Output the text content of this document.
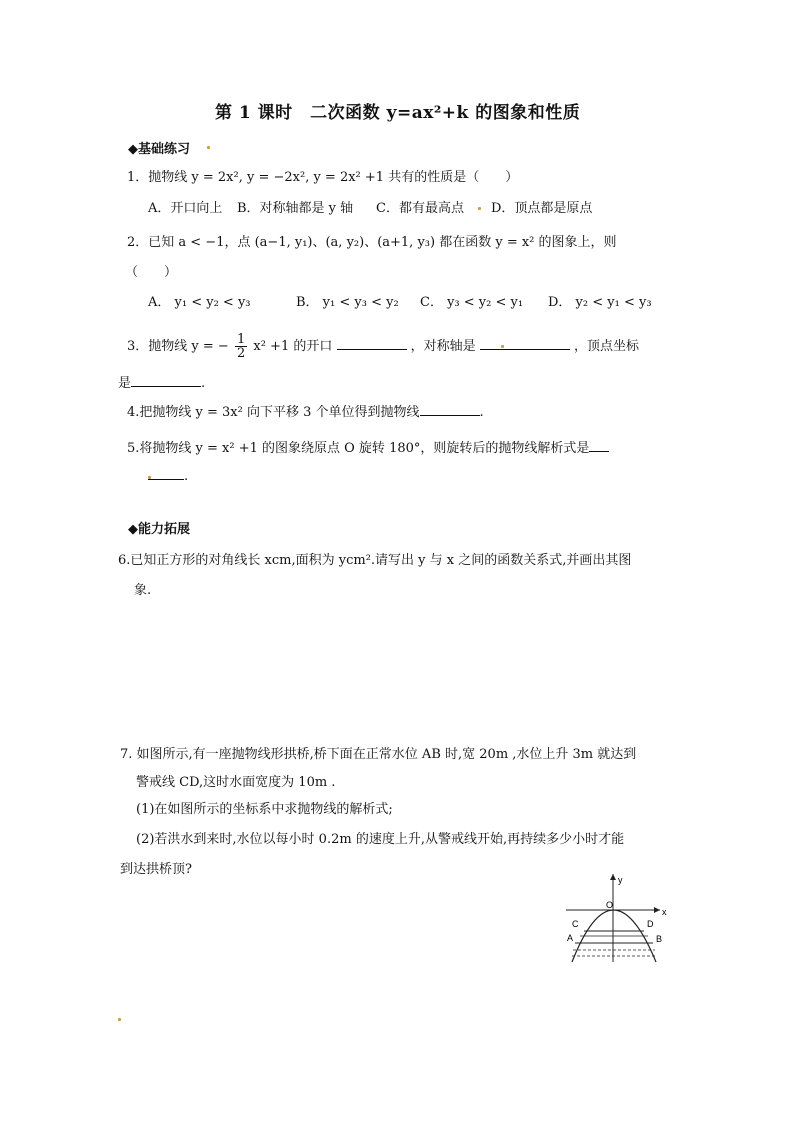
第 1 课时　二次函数 y=ax²+k 的图象和性质
◆基础练习
1．抛物线 y = 2x², y = −2x², y = 2x² +1 共有的性质是（　　）
A．开口向上 B．对称轴都是 y 轴 C．都有最高点 D．顶点都是原点
2．已知 a < −1，点 (a−1, y₁)、(a, y₂)、(a+1, y₃) 都在函数 y = x² 的图象上，则
（　　）
A． y₁ < y₂ < y₃	B． y₁ < y₃ < y₂ C． y₃ < y₂ < y₁ D． y₂ < y₁ < y₃
3．抛物线 y = − $\frac{1}{2} x^2 +1$ 的开口	，对称轴是	，顶点坐标
是	.
4.把抛物线 y = 3x² 向下平移 3 个单位得到抛物线	.
5.将抛物线 y = x² +1 的图象绕原点 O 旋转 180°，则旋转后的抛物线解析式是
.
◆能力拓展
6.已知正方形的对角线长 xcm,面积为 ycm².请写出 y 与 x 之间的函数关系式,并画出其图
象.
7. 如图所示,有一座抛物线形拱桥,桥下面在正常水位 AB 时,宽 20m ,水位上升 3m 就达到
警戒线 CD,这时水面宽度为 10m .
(1)在如图所示的坐标系中求抛物线的解析式;
(2)若洪水到来时,水位以每小时 0.2m 的速度上升,从警戒线开始,再持续多少小时才能
到达拱桥顶?
y
x
O
C	D
A	B
